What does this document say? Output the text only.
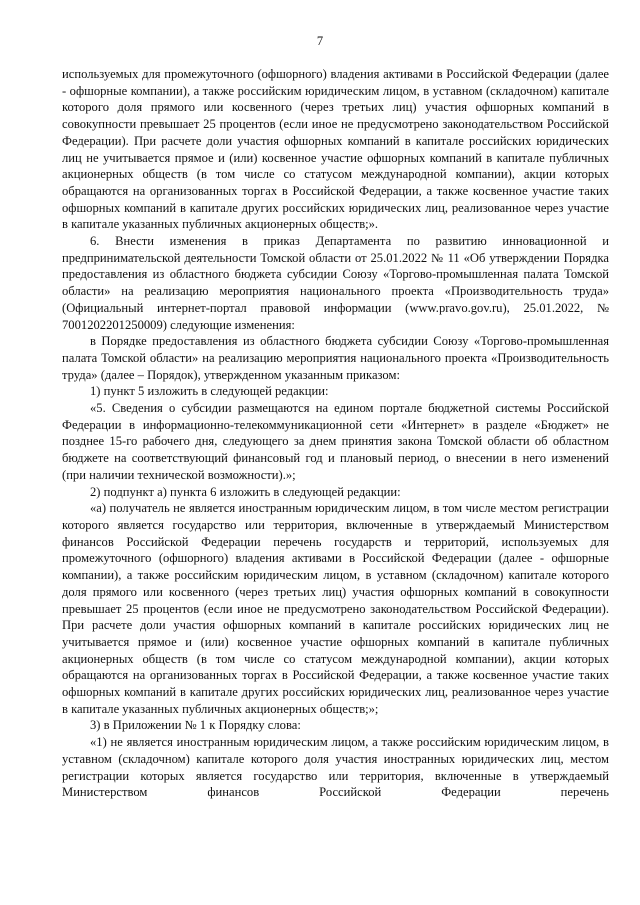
7

используемых для промежуточного (офшорного) владения активами в Российской Федерации (далее - офшорные компании), а также российским юридическим лицом, в уставном (складочном) капитале которого доля прямого или косвенного (через третьих лиц) участия офшорных компаний в совокупности превышает 25 процентов (если иное не предусмотрено законодательством Российской Федерации). При расчете доли участия офшорных компаний в капитале российских юридических лиц не учитывается прямое и (или) косвенное участие офшорных компаний в капитале публичных акционерных обществ (в том числе со статусом международной компании), акции которых обращаются на организованных торгах в Российской Федерации, а также косвенное участие таких офшорных компаний в капитале других российских юридических лиц, реализованное через участие в капитале указанных публичных акционерных обществ;».

6. Внести изменения в приказ Департамента по развитию инновационной и предпринимательской деятельности Томской области от 25.01.2022 № 11 «Об утверждении Порядка предоставления из областного бюджета субсидии Союзу «Торгово-промышленная палата Томской области» на реализацию мероприятия национального проекта «Производительность труда» (Официальный интернет-портал правовой информации (www.pravo.gov.ru), 25.01.2022, № 7001202201250009) следующие изменения:

в Порядке предоставления из областного бюджета субсидии Союзу «Торгово-промышленная палата Томской области» на реализацию мероприятия национального проекта «Производительность труда» (далее – Порядок), утвержденном указанным приказом:

1) пункт 5 изложить в следующей редакции:

«5. Сведения о субсидии размещаются на едином портале бюджетной системы Российской Федерации в информационно-телекоммуникационной сети «Интернет» в разделе «Бюджет» не позднее 15-го рабочего дня, следующего за днем принятия закона Томской области об областном бюджете на соответствующий финансовый год и плановый период, о внесении в него изменений (при наличии технической возможности).»;

2) подпункт а) пункта 6 изложить в следующей редакции:

«а) получатель не является иностранным юридическим лицом, в том числе местом регистрации которого является государство или территория, включенные в утверждаемый Министерством финансов Российской Федерации перечень государств и территорий, используемых для промежуточного (офшорного) владения активами в Российской Федерации (далее - офшорные компании), а также российским юридическим лицом, в уставном (складочном) капитале которого доля прямого или косвенного (через третьих лиц) участия офшорных компаний в совокупности превышает 25 процентов (если иное не предусмотрено законодательством Российской Федерации). При расчете доли участия офшорных компаний в капитале российских юридических лиц не учитывается прямое и (или) косвенное участие офшорных компаний в капитале публичных акционерных обществ (в том числе со статусом международной компании), акции которых обращаются на организованных торгах в Российской Федерации, а также косвенное участие таких офшорных компаний в капитале других российских юридических лиц, реализованное через участие в капитале указанных публичных акционерных обществ;»;

3) в Приложении № 1 к Порядку слова:

«1) не является иностранным юридическим лицом, а также российским юридическим лицом, в уставном (складочном) капитале которого доля участия иностранных юридических лиц, местом регистрации которых является государство или территория, включенные в утверждаемый Министерством финансов Российской Федерации перечень
